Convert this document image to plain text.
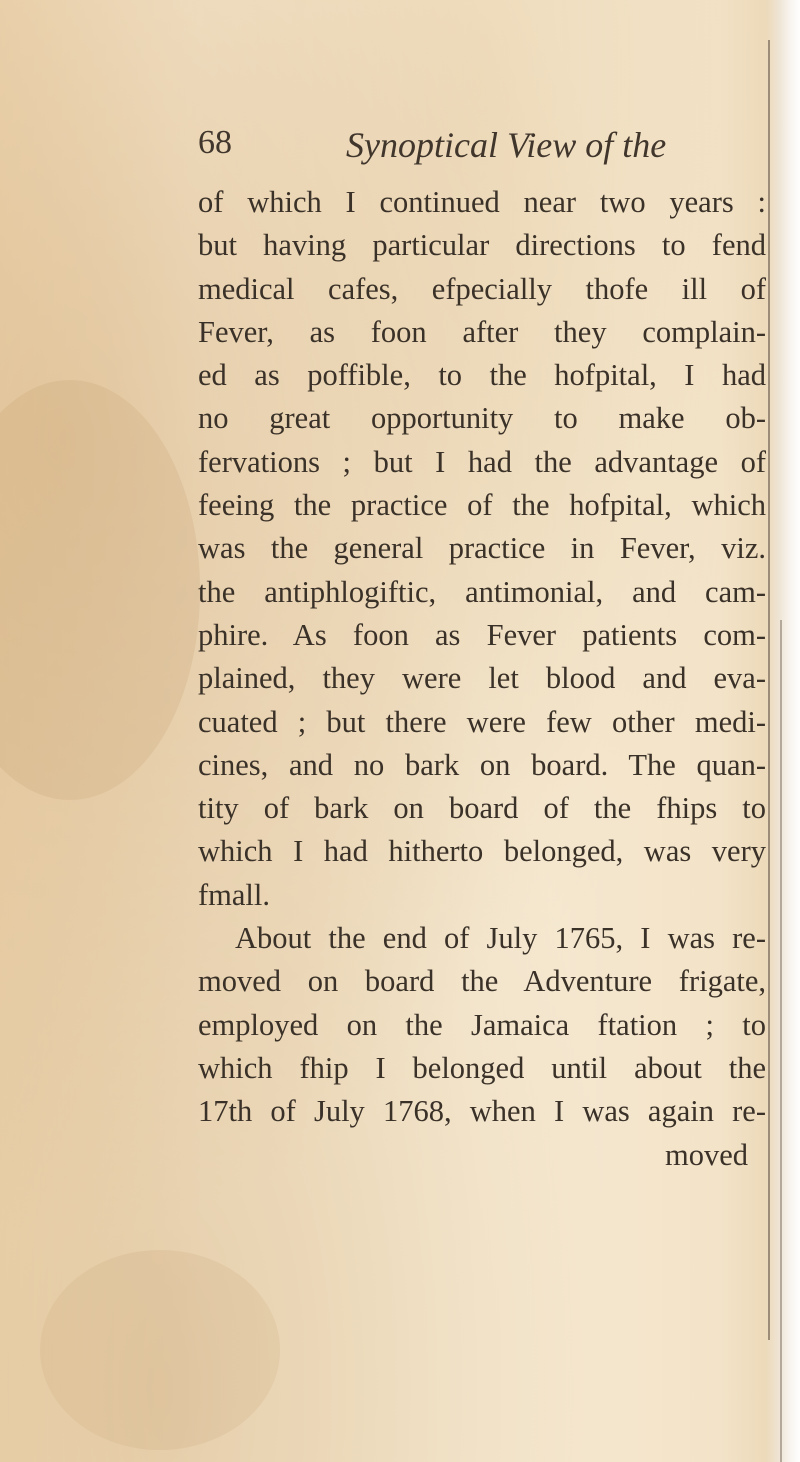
68	Synoptical View of the
of which I continued near two years :
but having particular directions to fend
medical cafes, efpecially thofe ill of
Fever, as foon after they complain-
ed as poffible, to the hofpital, I had
no great opportunity to make ob-
fervations ; but I had the advantage of
feeing the practice of the hofpital, which
was the general practice in Fever, viz.
the antiphlogiftic, antimonial, and cam-
phire. As foon as Fever patients com-
plained, they were let blood and eva-
cuated ; but there were few other medi-
cines, and no bark on board. The quan-
tity of bark on board of the fhips to
which I had hitherto belonged, was very
fmall.
About the end of July 1765, I was re-
moved on board the Adventure frigate,
employed on the Jamaica ftation ; to
which fhip I belonged until about the
17th of July 1768, when I was again re-
moved
